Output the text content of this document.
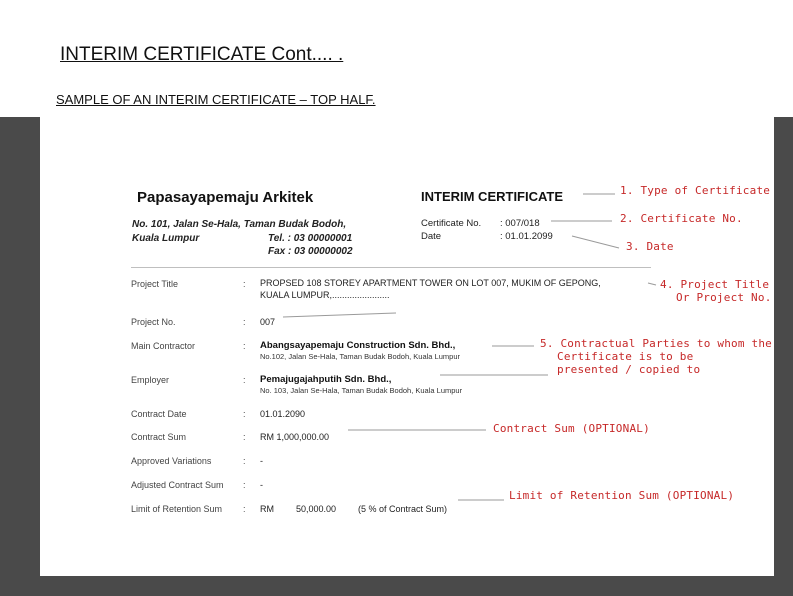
INTERIM CERTIFICATE Cont.... .
SAMPLE OF AN INTERIM CERTIFICATE – TOP HALF.
Papasayapemaju Arkitek
No. 101, Jalan Se-Hala, Taman Budak Bodoh,
Kuala Lumpur	Tel. : 03 00000001
Fax : 03 00000002
INTERIM CERTIFICATE
Certificate No. : 007/018
Date	: 01.01.2099
Project Title	: PROPSED 108 STOREY APARTMENT TOWER ON LOT 007, MUKIM OF GEPONG,
KUALA LUMPUR,.......................
Project No.	: 007
Main Contractor	: Abangsayapemaju Construction Sdn. Bhd.,
No.102, Jalan Se-Hala, Taman Budak Bodoh, Kuala Lumpur
Employer	: Pemajugajahputih Sdn. Bhd.,
No. 103, Jalan Se-Hala, Taman Budak Bodoh, Kuala Lumpur
Contract Date	: 01.01.2090
Contract Sum	: RM 1,000,000.00
Approved Variations	: -
Adjusted Contract Sum : -
Limit of Retention Sum : RM 50,000.00 (5 % of Contract Sum)
1. Type of Certificate
2. Certificate No.
3. Date
4. Project Title
Or Project No.
5. Contractual Parties to whom the
Certificate is to be
presented / copied to
Contract Sum (OPTIONAL)
Limit of Retention Sum (OPTIONAL)
